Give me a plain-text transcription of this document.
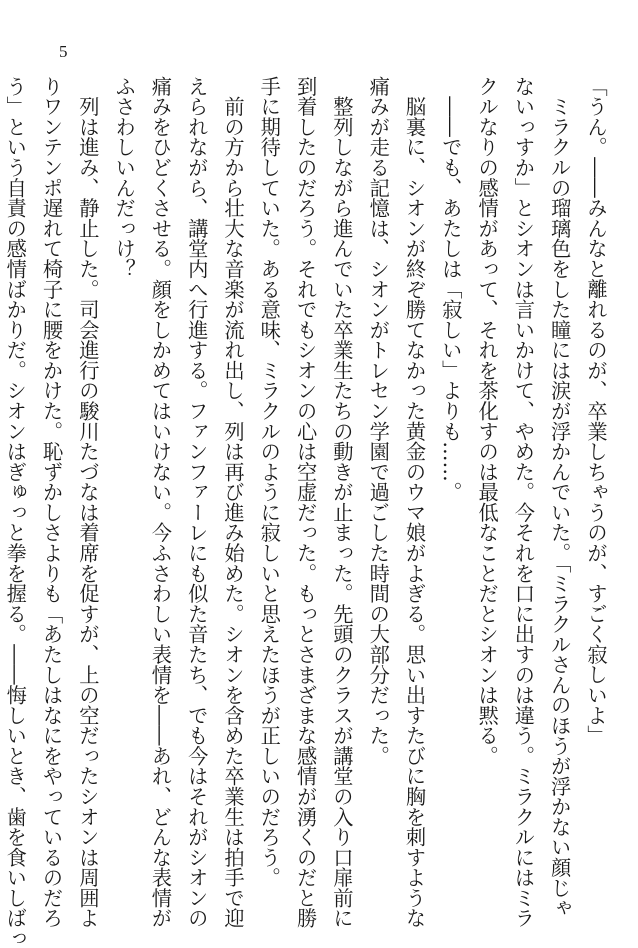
5
「うん。――みんなと離れるのが、卒業しちゃうのが、すごく寂しいよ」
　ミラクルの瑠璃色をした瞳には涙が浮かんでいた。「ミラクルさんのほうが浮かない顔じゃ
ないっすか」とシオンは言いかけて、やめた。今それを口に出すのは違う。ミラクルにはミラ
クルなりの感情があって、それを茶化すのは最低なことだとシオンは黙る。
　――でも、あたしは「寂しい」よりも……。
　脳裏に、シオンが終ぞ勝てなかった黄金のウマ娘がよぎる。思い出すたびに胸を刺すような
痛みが走る記憶は、シオンがトレセン学園で過ごした時間の大部分だった。
　整列しながら進んでいた卒業生たちの動きが止まった。先頭のクラスが講堂の入り口扉前に
到着したのだろう。それでもシオンの心は空虚だった。もっとさまざまな感情が湧くのだと勝
手に期待していた。ある意味、ミラクルのように寂しいと思えたほうが正しいのだろう。
　前の方から壮大な音楽が流れ出し、列は再び進み始めた。シオンを含めた卒業生は拍手で迎
えられながら、講堂内へ行進する。ファンファーレにも似た音たち、でも今はそれがシオンの
痛みをひどくさせる。顔をしかめてはいけない。今ふさわしい表情を――あれ、どんな表情が
ふさわしいんだっけ？
　列は進み、静止した。司会進行の駿川たづなは着席を促すが、上の空だったシオンは周囲よ
りワンテンポ遅れて椅子に腰をかけた。恥ずかしさよりも「あたしはなにをやっているのだろ
う」という自責の感情ばかりだ。シオンはぎゅっと拳を握る。――悔しいとき、歯を食いしばっ
